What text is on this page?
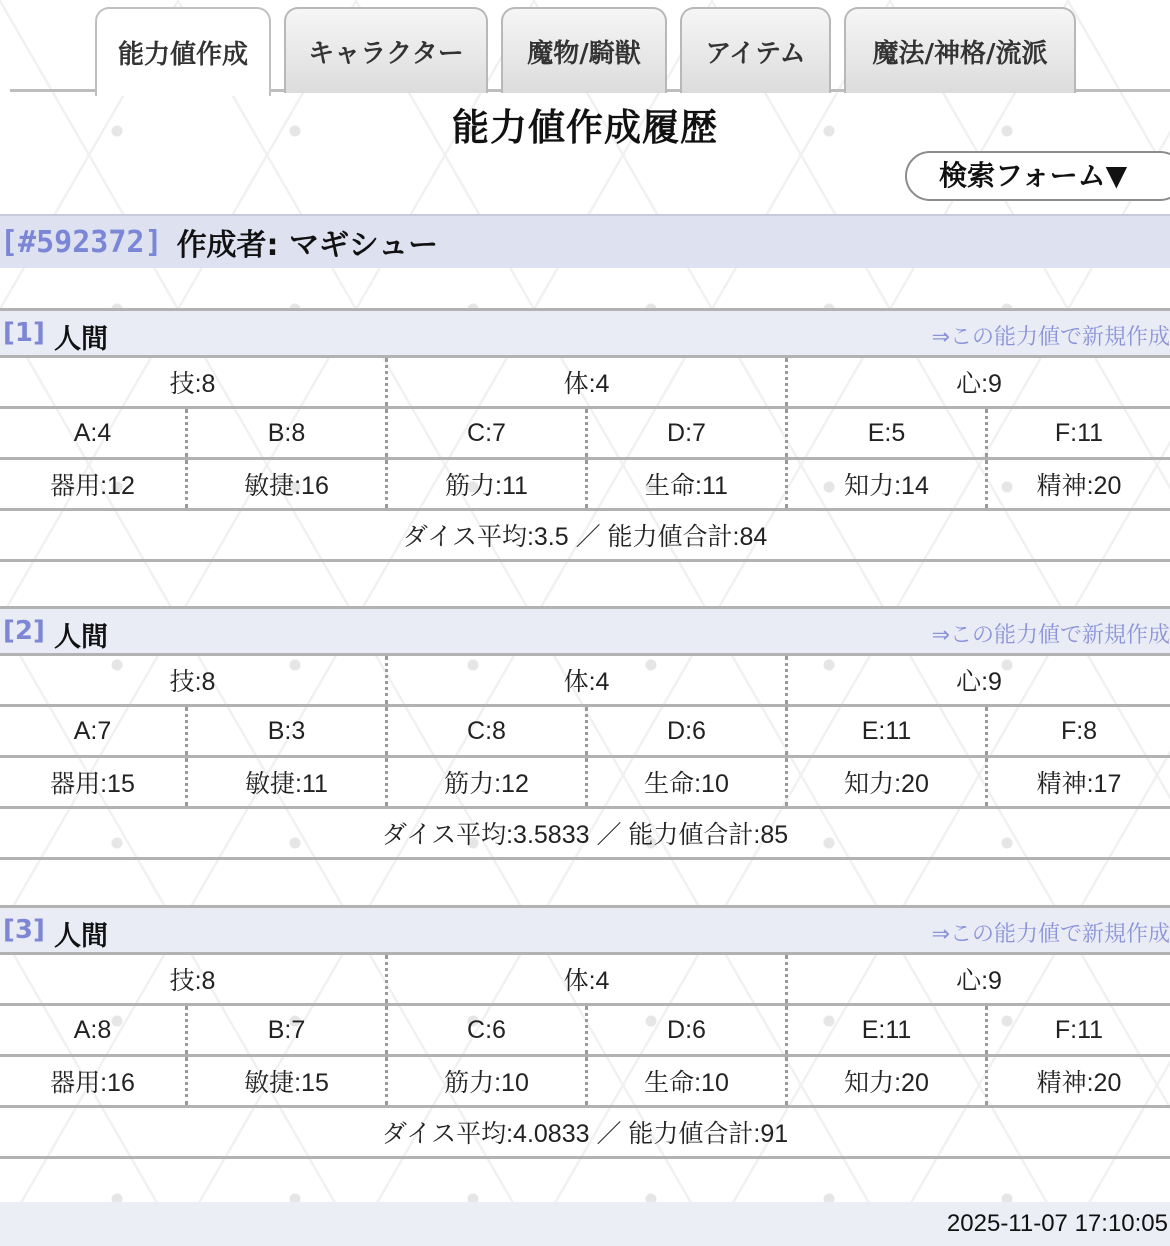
能力値作成	キャラクター	魔物/騎獣	アイテム	魔法/神格/流派
能力値作成履歴
検索フォーム▼
[#592372] 作成者: マギシュー
[1] 人間	⇒この能力値で新規作成
技:8	体:4	心:9
A:4	B:8	C:7	D:7	E:5	F:11
器用:12	敏捷:16	筋力:11	生命:11	知力:14	精神:20
ダイス平均:3.5 ／ 能力値合計:84
[2] 人間	⇒この能力値で新規作成
技:8	体:4	心:9
A:7	B:3	C:8	D:6	E:11	F:8
器用:15	敏捷:11	筋力:12	生命:10	知力:20	精神:17
ダイス平均:3.5833 ／ 能力値合計:85
[3] 人間	⇒この能力値で新規作成
技:8	体:4	心:9
A:8	B:7	C:6	D:6	E:11	F:11
器用:16	敏捷:15	筋力:10	生命:10	知力:20	精神:20
ダイス平均:4.0833 ／ 能力値合計:91
2025-11-07 17:10:05
